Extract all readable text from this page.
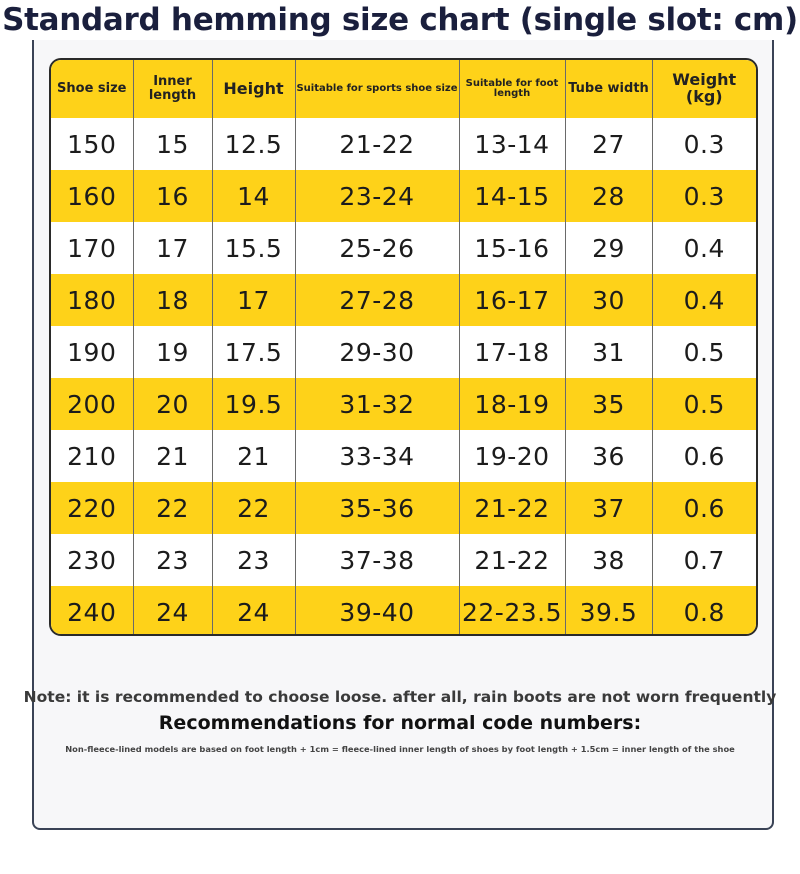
Standard hemming size chart (single slot: cm)
Shoe size	Inner length	Height	Suitable for sports shoe size	Suitable for foot length	Tube width	Weight (kg)
150	15	12.5	21-22	13-14	27	0.3
160	16	14	23-24	14-15	28	0.3
170	17	15.5	25-26	15-16	29	0.4
180	18	17	27-28	16-17	30	0.4
190	19	17.5	29-30	17-18	31	0.5
200	20	19.5	31-32	18-19	35	0.5
210	21	21	33-34	19-20	36	0.6
220	22	22	35-36	21-22	37	0.6
230	23	23	37-38	21-22	38	0.7
240	24	24	39-40	22-23.5	39.5	0.8
Note: it is recommended to choose loose. after all, rain boots are not worn frequently
Recommendations for normal code numbers:
Non-fleece-lined models are based on foot length + 1cm = fleece-lined inner length of shoes by foot length + 1.5cm = inner length of the shoe
